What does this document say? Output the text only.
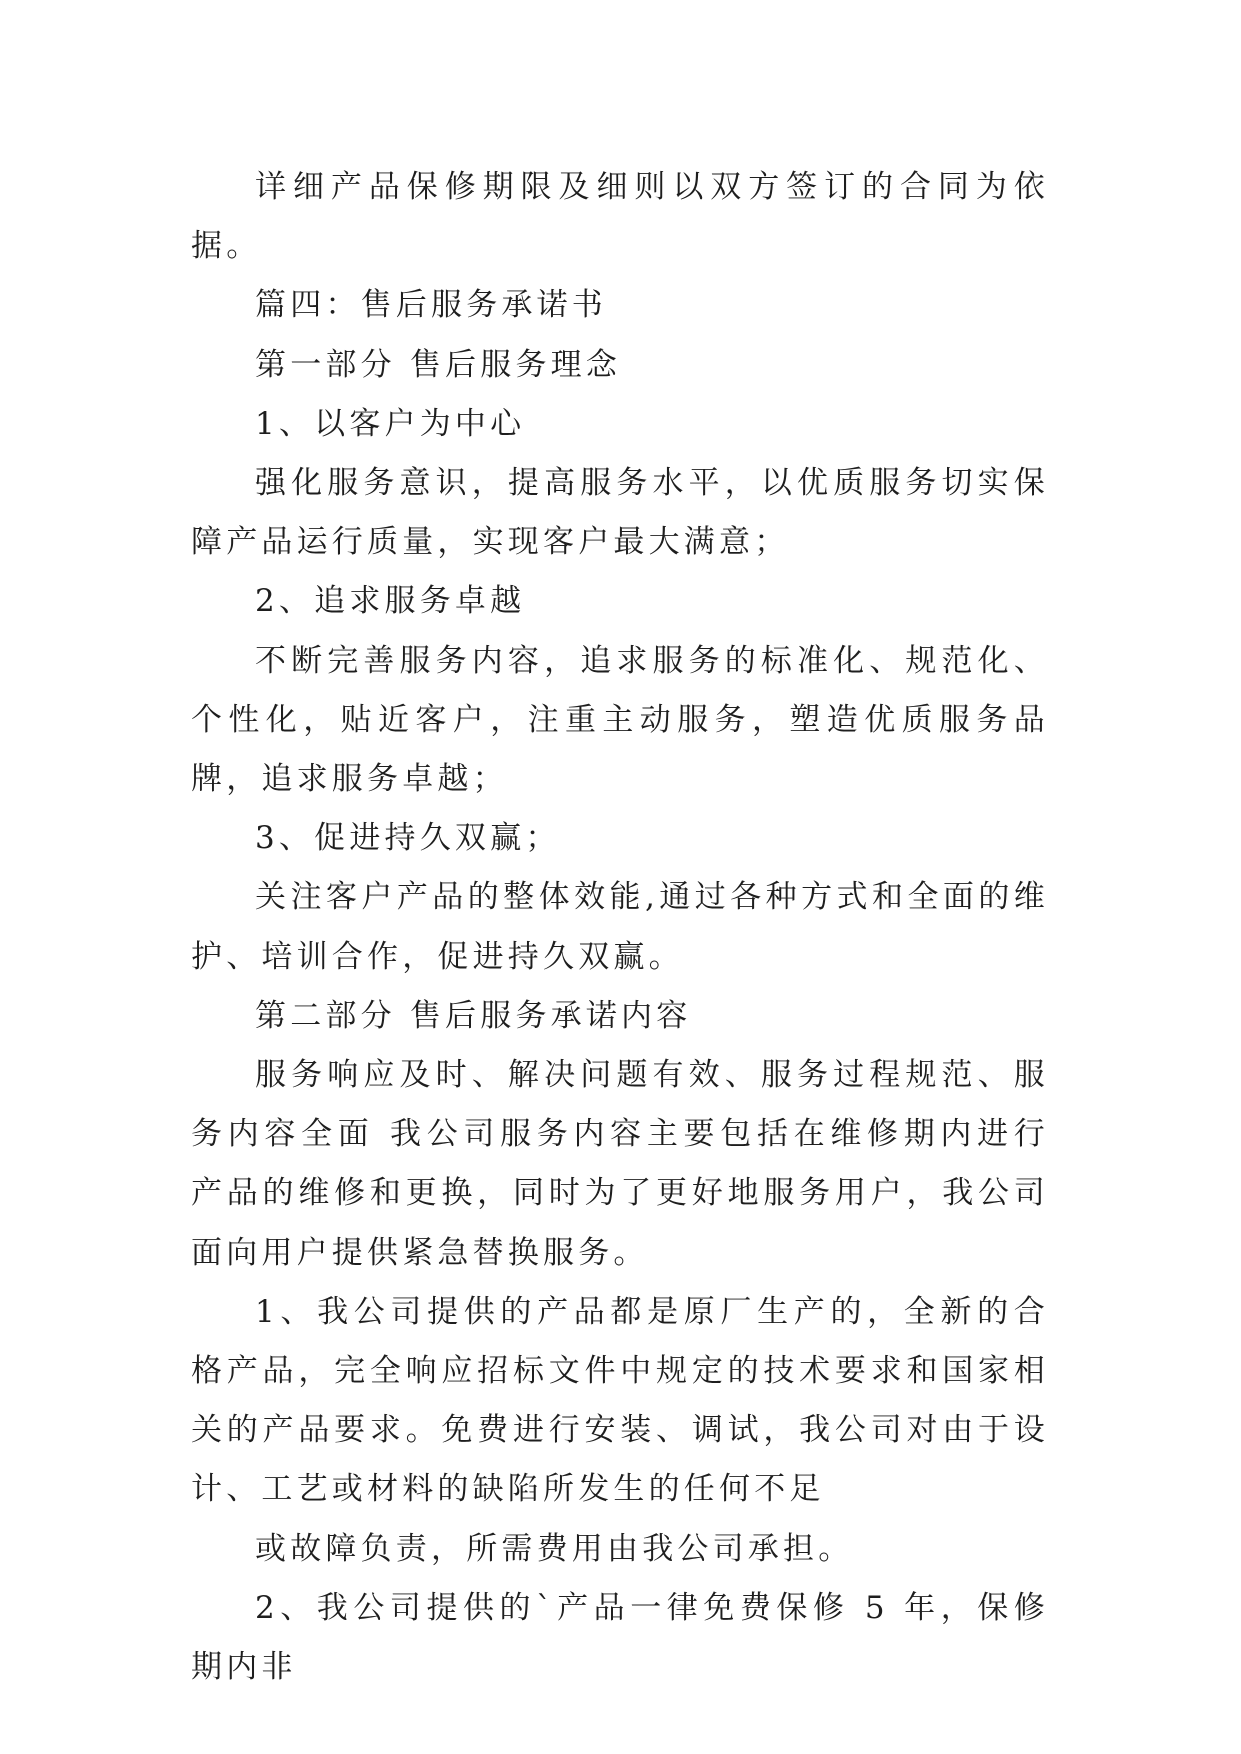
详细产品保修期限及细则以双方签订的合同为依据。

篇四：售后服务承诺书

第一部分 售后服务理念

1、以客户为中心

强化服务意识，提高服务水平，以优质服务切实保障产品运行质量，实现客户最大满意；

2、追求服务卓越

不断完善服务内容，追求服务的标准化、规范化、个性化，贴近客户，注重主动服务，塑造优质服务品牌，追求服务卓越；

3、促进持久双赢；

关注客户产品的整体效能,通过各种方式和全面的维护、培训合作，促进持久双赢。

第二部分 售后服务承诺内容

服务响应及时、解决问题有效、服务过程规范、服务内容全面 我公司服务内容主要包括在维修期内进行产品的维修和更换，同时为了更好地服务用户，我公司面向用户提供紧急替换服务。

1、我公司提供的产品都是原厂生产的，全新的合格产品，完全响应招标文件中规定的技术要求和国家相关的产品要求。免费进行安装、调试，我公司对由于设计、工艺或材料的缺陷所发生的任何不足

或故障负责，所需费用由我公司承担。

2、我公司提供的`产品一律免费保修 5 年，保修期内非
